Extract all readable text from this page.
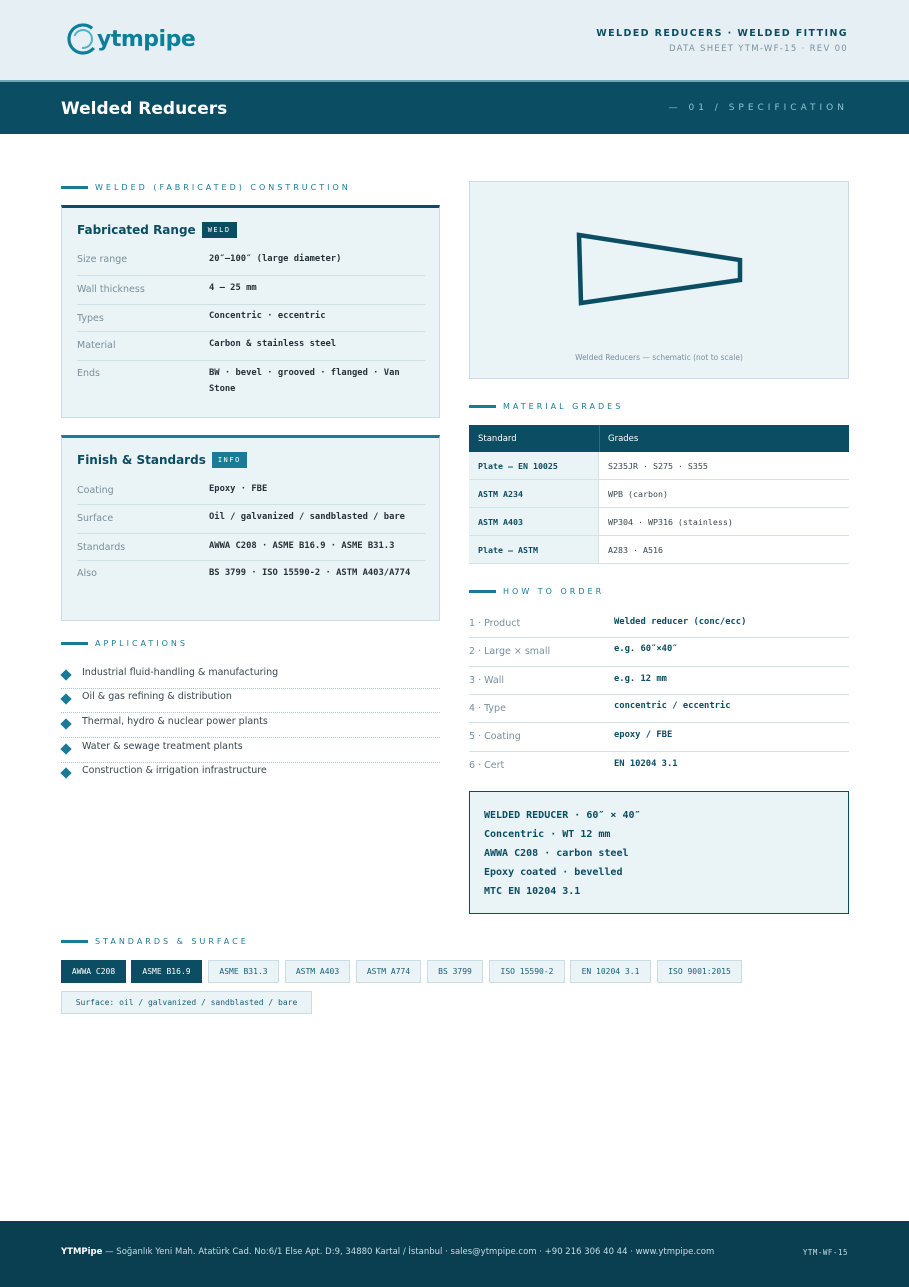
ytmpipe	WELDED REDUCERS · WELDED FITTING
DATA SHEET YTM-WF-15 · REV 00
Welded Reducers	— 01 / SPECIFICATION
WELDED (FABRICATED) CONSTRUCTION
Fabricated Range	WELD
Size range	20″–100″ (large diameter)
Wall thickness	4 – 25 mm
Types	Concentric · eccentric
Material	Carbon & stainless steel
Ends	BW · bevel · grooved · flanged · Van Stone
Finish & Standards	INFO
Coating	Epoxy · FBE
Surface	Oil / galvanized / sandblasted / bare
Standards	AWWA C208 · ASME B16.9 · ASME B31.3
Also	BS 3799 · ISO 15590-2 · ASTM A403/A774
APPLICATIONS
Industrial fluid-handling & manufacturing
Oil & gas refining & distribution
Thermal, hydro & nuclear power plants
Water & sewage treatment plants
Construction & irrigation infrastructure
Welded Reducers — schematic (not to scale)
MATERIAL GRADES
Standard	Grades
Plate – EN 10025	S235JR · S275 · S355
ASTM A234	WPB (carbon)
ASTM A403	WP304 · WP316 (stainless)
Plate – ASTM	A283 · A516
HOW TO ORDER
1 · Product	Welded reducer (conc/ecc)
2 · Large × small	e.g. 60″×40″
3 · Wall	e.g. 12 mm
4 · Type	concentric / eccentric
5 · Coating	epoxy / FBE
6 · Cert	EN 10204 3.1
WELDED REDUCER · 60″ × 40″
Concentric · WT 12 mm
AWWA C208 · carbon steel
Epoxy coated · bevelled
MTC EN 10204 3.1
STANDARDS & SURFACE
AWWA C208	ASME B16.9	ASME B31.3	ASTM A403	ASTM A774	BS 3799	ISO 15590-2	EN 10204 3.1	ISO 9001:2015
Surface: oil / galvanized / sandblasted / bare
YTMPipe — Soğanlık Yeni Mah. Atatürk Cad. No:6/1 Else Apt. D:9, 34880 Kartal / İstanbul · sales@ytmpipe.com · +90 216 306 40 44 · www.ytmpipe.com	YTM-WF-15
